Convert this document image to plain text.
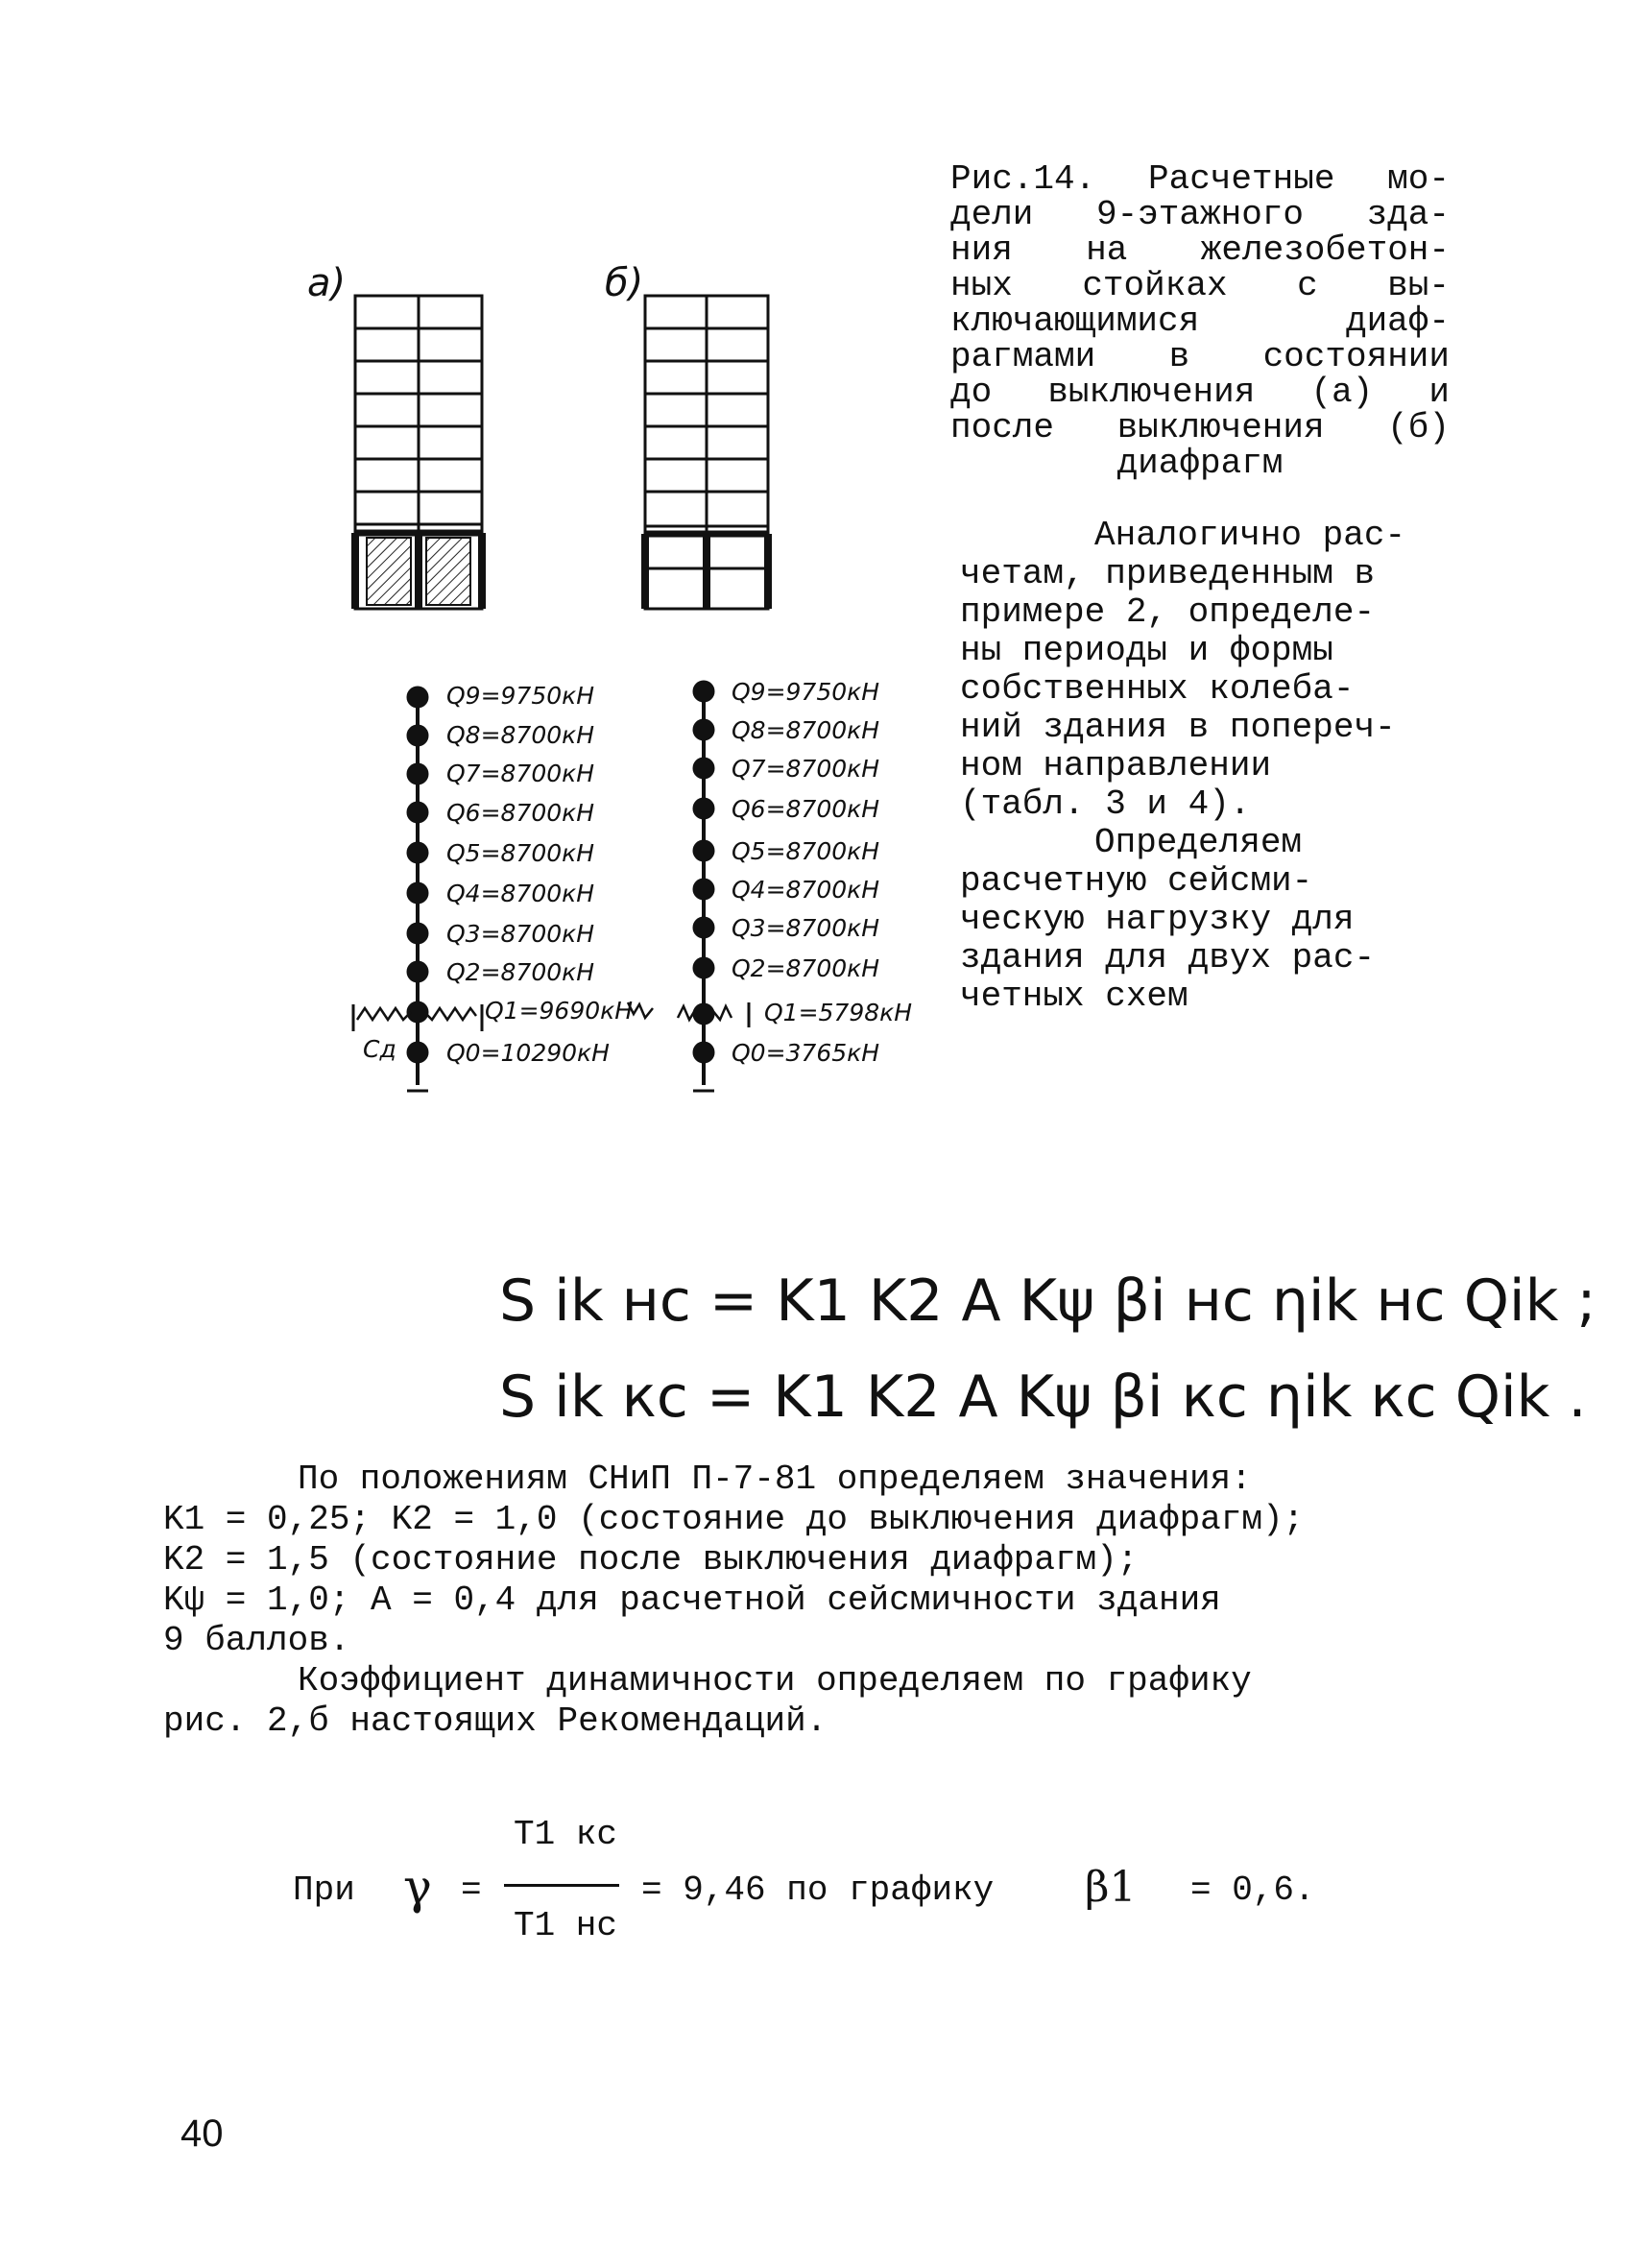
а)	б)
Сд
Q9=9750кН
Q8=8700кН
Q7=8700кН
Q6=8700кН
Q5=8700кН
Q4=8700кН
Q3=8700кН
Q2=8700кН
Q1=9690кН
Q0=10290кН
Q9=9750кН
Q8=8700кН
Q7=8700кН
Q6=8700кН
Q5=8700кН
Q4=8700кН
Q3=8700кН
Q2=8700кН
Q1=5798кН
Q0=3765кН
Рис.14. Расчетные мо-
дели 9-этажного зда-
ния на железобетон-
ных стойках с вы-
ключающимися диаф-
рагмами в состоянии
до выключения (а) и
после выключения (б)
диафрагм
Аналогично рас-
четам, приведенным в
примере 2, определе-
ны периоды и формы
собственных колеба-
ний здания в попереч-
ном направлении
(табл. 3 и 4).
Определяем
расчетную сейсми-
ческую нагрузку для
здания для двух рас-
четных схем
S ik нс = K1 K2 A Kψ βi нс ηik нс Qik ;
S ik кс = K1 K2 A Kψ βi кс ηik кс Qik .
По положениям СНиП П-7-81 определяем значения:
K1 = 0,25; K2 = 1,0 (состояние до выключения диафрагм);
K2 = 1,5 (состояние после выключения диафрагм);
Kψ = 1,0; A = 0,4 для расчетной сейсмичности здания
9 баллов.
Коэффициент динамичности определяем по графику
рис. 2,б настоящих Рекомендаций.
При γ =
T1 кс
T1 нс
= 9,46 по графику β1 = 0,6.
40
